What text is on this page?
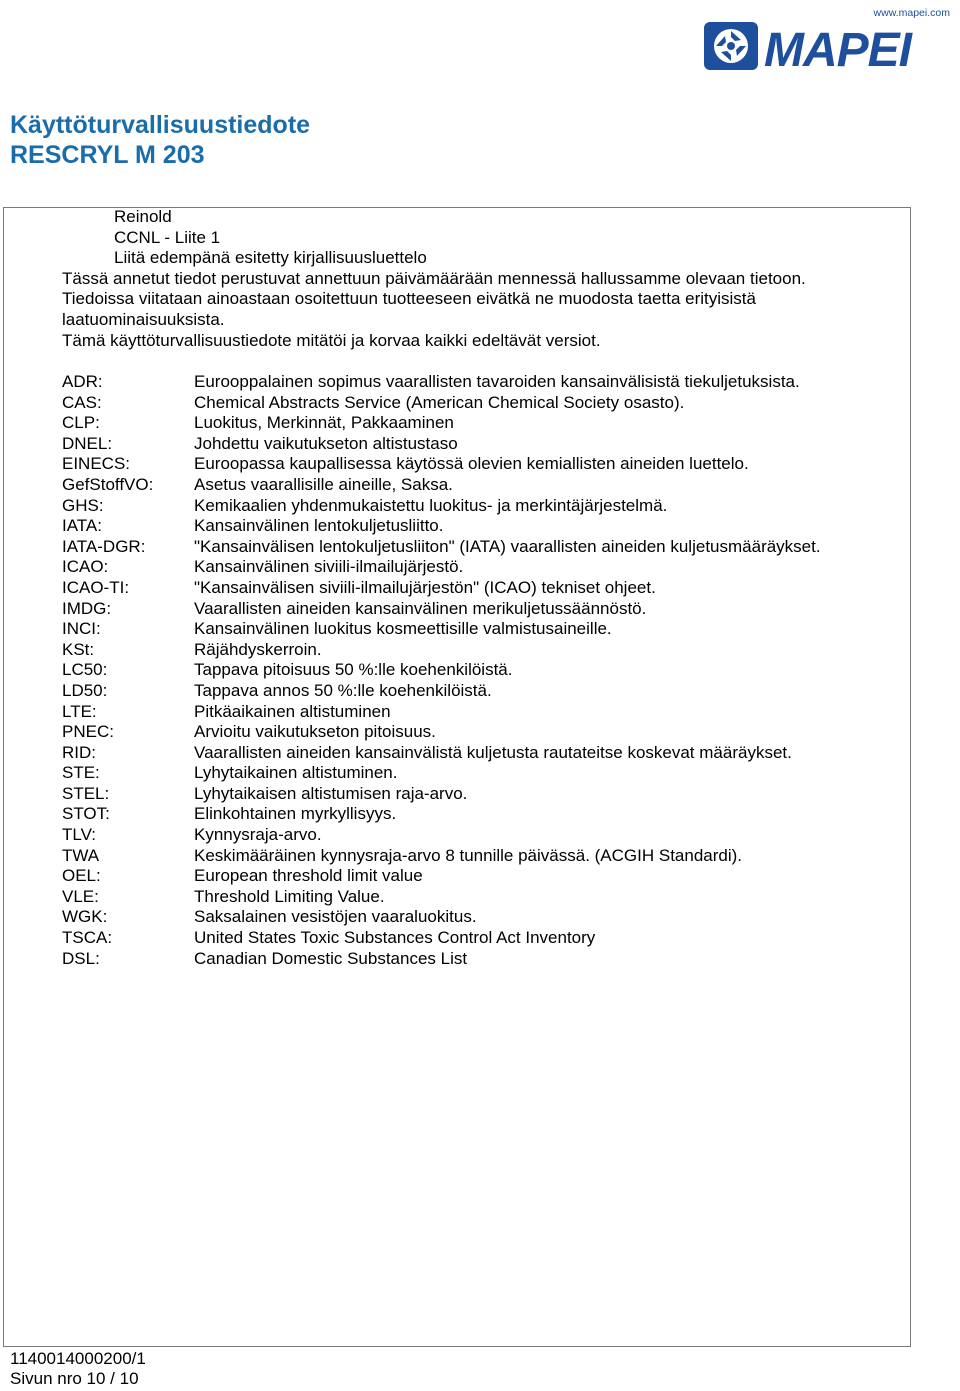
www.mapei.com
MAPEI
Käyttöturvallisuustiedote
RESCRYL M 203
Reinold
CCNL - Liite 1
Liitä edempänä esitetty kirjallisuusluettelo
Tässä annetut tiedot perustuvat annettuun päivämäärään mennessä hallussamme olevaan tietoon.
Tiedoissa viitataan ainoastaan osoitettuun tuotteeseen eivätkä ne muodosta taetta erityisistä
laatuominaisuuksista.
Tämä käyttöturvallisuustiedote mitätöi ja korvaa kaikki edeltävät versiot.
ADR:	Eurooppalainen sopimus vaarallisten tavaroiden kansainvälisistä tiekuljetuksista.
CAS:	Chemical Abstracts Service (American Chemical Society osasto).
CLP:	Luokitus, Merkinnät, Pakkaaminen
DNEL:	Johdettu vaikutukseton altistustaso
EINECS:	Euroopassa kaupallisessa käytössä olevien kemiallisten aineiden luettelo.
GefStoffVO:	Asetus vaarallisille aineille, Saksa.
GHS:	Kemikaalien yhdenmukaistettu luokitus- ja merkintäjärjestelmä.
IATA:	Kansainvälinen lentokuljetusliitto.
IATA-DGR:	"Kansainvälisen lentokuljetusliiton" (IATA) vaarallisten aineiden kuljetusmääräykset.
ICAO:	Kansainvälinen siviili-ilmailujärjestö.
ICAO-TI:	"Kansainvälisen siviili-ilmailujärjestön" (ICAO) tekniset ohjeet.
IMDG:	Vaarallisten aineiden kansainvälinen merikuljetussäännöstö.
INCI:	Kansainvälinen luokitus kosmeettisille valmistusaineille.
KSt:	Räjähdyskerroin.
LC50:	Tappava pitoisuus 50 %:lle koehenkilöistä.
LD50:	Tappava annos 50 %:lle koehenkilöistä.
LTE:	Pitkäaikainen altistuminen
PNEC:	Arvioitu vaikutukseton pitoisuus.
RID:	Vaarallisten aineiden kansainvälistä kuljetusta rautateitse koskevat määräykset.
STE:	Lyhytaikainen altistuminen.
STEL:	Lyhytaikaisen altistumisen raja-arvo.
STOT:	Elinkohtainen myrkyllisyys.
TLV:	Kynnysraja-arvo.
TWA	Keskimääräinen kynnysraja-arvo 8 tunnille päivässä. (ACGIH Standardi).
OEL:	European threshold limit value
VLE:	Threshold Limiting Value.
WGK:	Saksalainen vesistöjen vaaraluokitus.
TSCA:	United States Toxic Substances Control Act Inventory
DSL:	Canadian Domestic Substances List
1140014000200/1
Sivun nro 10 / 10
